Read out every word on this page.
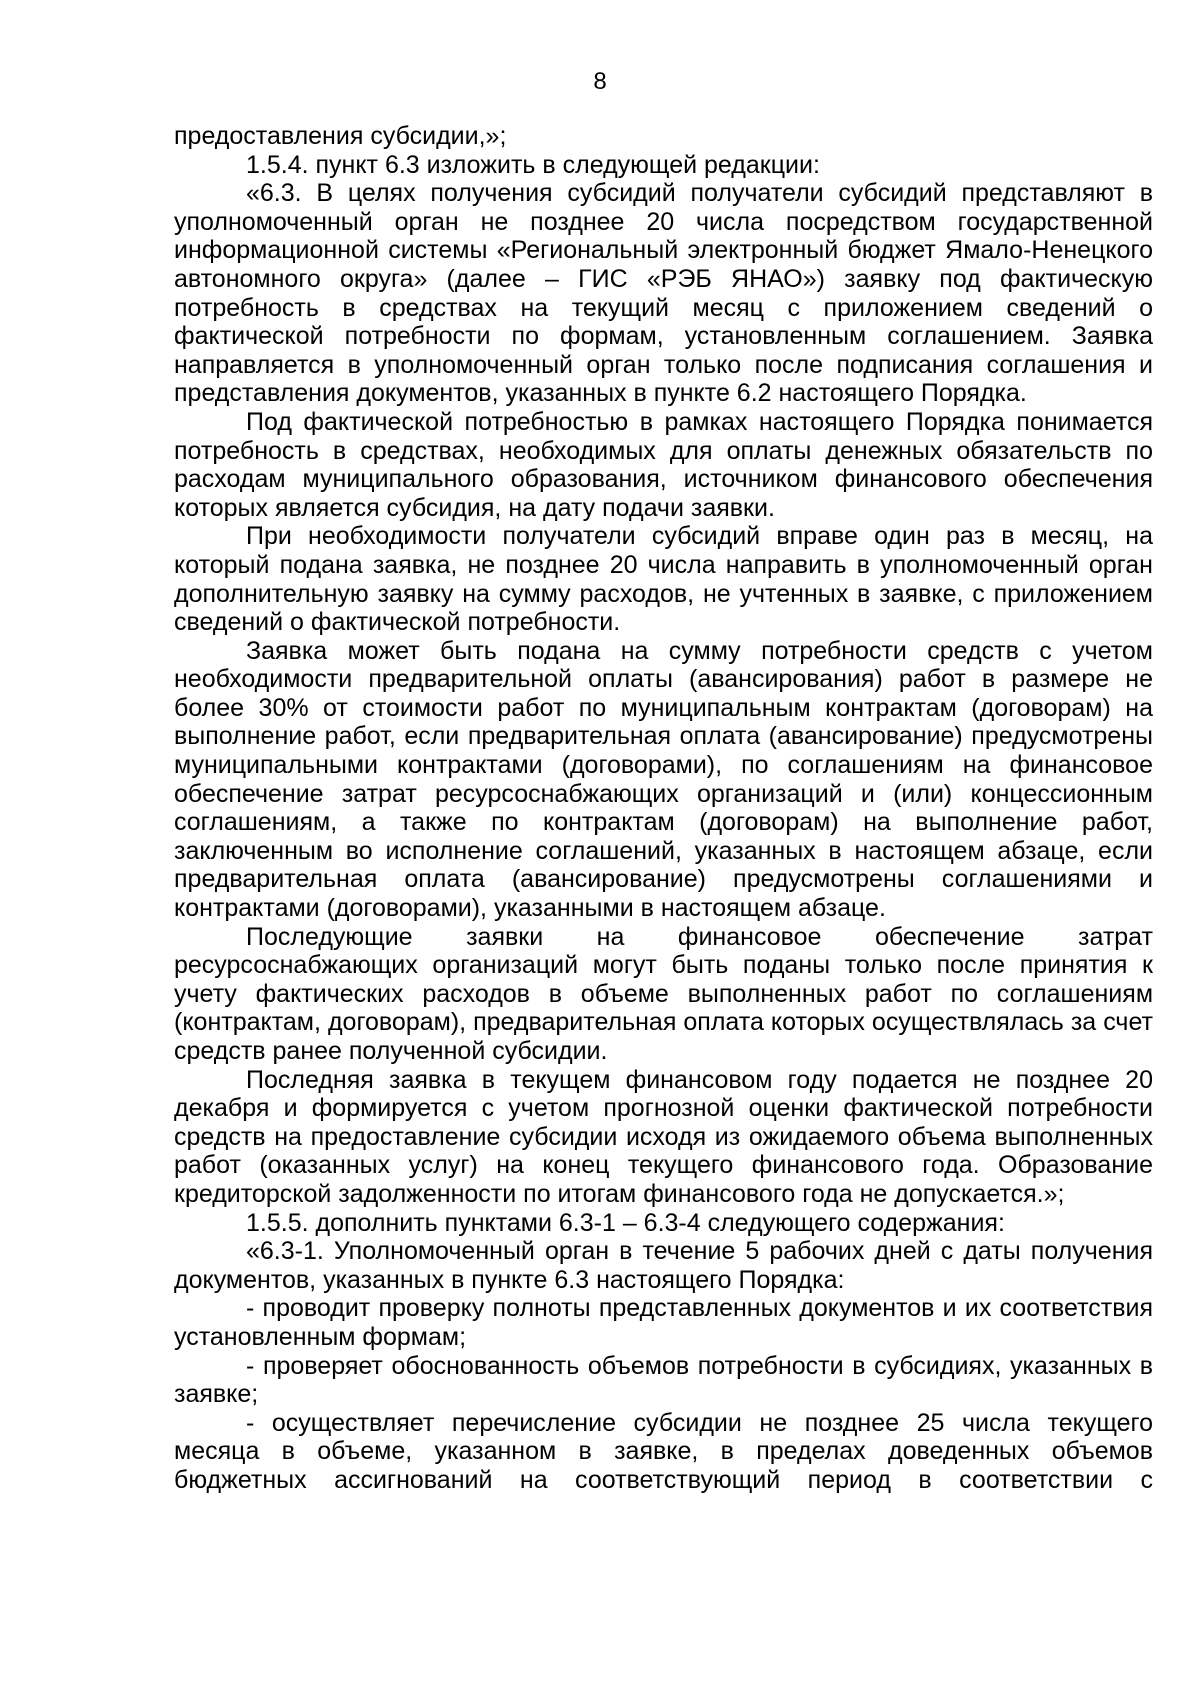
8

предоставления субсидии,»;

1.5.4. пункт 6.3 изложить в следующей редакции:

«6.3. В целях получения субсидий получатели субсидий представляют в уполномоченный орган не позднее 20 числа посредством государственной информационной системы «Региональный электронный бюджет Ямало-Ненецкого автономного округа» (далее – ГИС «РЭБ ЯНАО») заявку под фактическую потребность в средствах на текущий месяц с приложением сведений о фактической потребности по формам, установленным соглашением. Заявка направляется в уполномоченный орган только после подписания соглашения и представления документов, указанных в пункте 6.2 настоящего Порядка.

Под фактической потребностью в рамках настоящего Порядка понимается потребность в средствах, необходимых для оплаты денежных обязательств по расходам муниципального образования, источником финансового обеспечения которых является субсидия, на дату подачи заявки.

При необходимости получатели субсидий вправе один раз в месяц, на который подана заявка, не позднее 20 числа направить в уполномоченный орган дополнительную заявку на сумму расходов, не учтенных в заявке, с приложением сведений о фактической потребности.

Заявка может быть подана на сумму потребности средств с учетом необходимости предварительной оплаты (авансирования) работ в размере не более 30% от стоимости работ по муниципальным контрактам (договорам) на выполнение работ, если предварительная оплата (авансирование) предусмотрены муниципальными контрактами (договорами), по соглашениям на финансовое обеспечение затрат ресурсоснабжающих организаций и (или) концессионным соглашениям, а также по контрактам (договорам) на выполнение работ, заключенным во исполнение соглашений, указанных в настоящем абзаце, если предварительная оплата (авансирование) предусмотрены соглашениями и контрактами (договорами), указанными в настоящем абзаце.

Последующие заявки на финансовое обеспечение затрат ресурсоснабжающих организаций могут быть поданы только после принятия к учету фактических расходов в объеме выполненных работ по соглашениям (контрактам, договорам), предварительная оплата которых осуществлялась за счет средств ранее полученной субсидии.

Последняя заявка в текущем финансовом году подается не позднее 20 декабря и формируется с учетом прогнозной оценки фактической потребности средств на предоставление субсидии исходя из ожидаемого объема выполненных работ (оказанных услуг) на конец текущего финансового года. Образование кредиторской задолженности по итогам финансового года не допускается.»;

1.5.5. дополнить пунктами 6.3-1 – 6.3-4 следующего содержания:

«6.3-1. Уполномоченный орган в течение 5 рабочих дней с даты получения документов, указанных в пункте 6.3 настоящего Порядка:

- проводит проверку полноты представленных документов и их соответствия установленным формам;

- проверяет обоснованность объемов потребности в субсидиях, указанных в заявке;

- осуществляет перечисление субсидии не позднее 25 числа текущего месяца в объеме, указанном в заявке, в пределах доведенных объемов бюджетных ассигнований на соответствующий период в соответствии с
